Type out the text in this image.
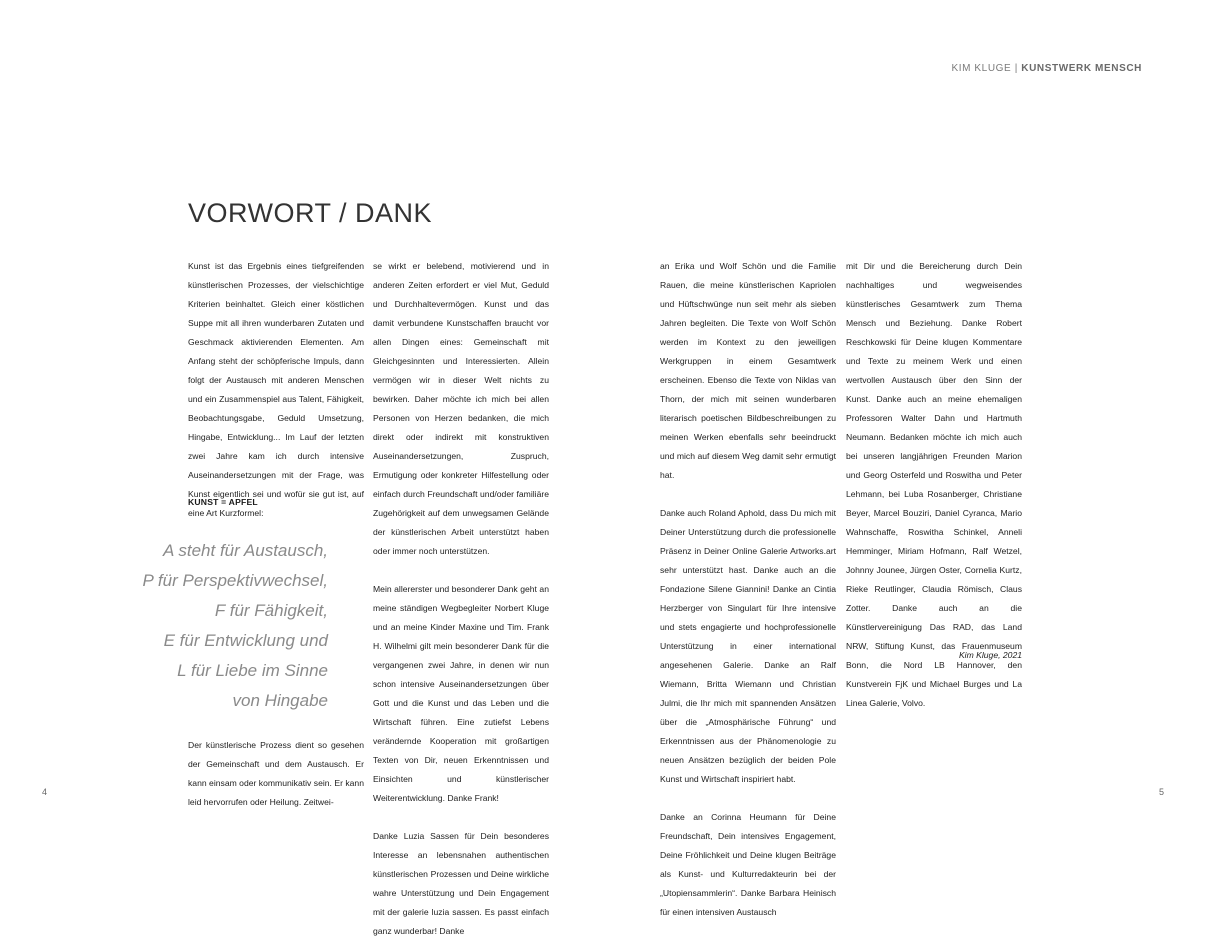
KIM KLUGE | KUNSTWERK MENSCH
VORWORT / DANK

Kunst ist das Ergebnis eines tiefgreifenden künstlerischen Prozesses, der vielschichtige Kriterien beinhaltet. Gleich einer köstlichen Suppe mit all ihren wunderbaren Zutaten und Geschmack aktivierenden Elementen. Am Anfang steht der schöpferische Impuls, dann folgt der Austausch mit anderen Menschen und ein Zusammenspiel aus Talent, Fähigkeit, Beobachtungsgabe, Geduld Umsetzung, Hingabe, Entwicklung... Im Lauf der letzten zwei Jahre kam ich durch intensive Auseinandersetzungen mit der Frage, was Kunst eigentlich sei und wofür sie gut ist, auf eine Art Kurzformel:

KUNST = APFEL
A steht für Austausch,
P für Perspektivwechsel,
F für Fähigkeit,
E für Entwicklung und
L für Liebe im Sinne
von Hingabe

Der künstlerische Prozess dient so gesehen der Gemeinschaft und dem Austausch. Er kann einsam oder kommunikativ sein. Er kann leid hervorrufen oder Heilung. Zeitwei-

se wirkt er belebend, motivierend und in anderen Zeiten erfordert er viel Mut, Geduld und Durchhaltevermögen. Kunst und das damit verbundene Kunstschaffen braucht vor allen Dingen eines: Gemeinschaft mit Gleichgesinnten und Interessierten. Allein vermögen wir in dieser Welt nichts zu bewirken. Daher möchte ich mich bei allen Personen von Herzen bedanken, die mich direkt oder indirekt mit konstruktiven Auseinandersetzungen, Zuspruch, Ermutigung oder konkreter Hilfestellung oder einfach durch Freundschaft und/oder familiäre Zugehörigkeit auf dem unwegsamen Gelände der künstlerischen Arbeit unterstützt haben oder immer noch unterstützen.

Mein allererster und besonderer Dank geht an meine ständigen Wegbegleiter Norbert Kluge und an meine Kinder Maxine und Tim. Frank H. Wilhelmi gilt mein besonderer Dank für die vergangenen zwei Jahre, in denen wir nun schon intensive Auseinandersetzungen über Gott und die Kunst und das Leben und die Wirtschaft führen. Eine zutiefst Lebens verändernde Kooperation mit großartigen Texten von Dir, neuen Erkenntnissen und Einsichten und künstlerischer Weiterentwicklung. Danke Frank!

Danke Luzia Sassen für Dein besonderes Interesse an lebensnahen authentischen künstlerischen Prozessen und Deine wirkliche wahre Unterstützung und Dein Engagement mit der galerie luzia sassen. Es passt einfach ganz wunderbar! Danke

an Erika und Wolf Schön und die Familie Rauen, die meine künstlerischen Kapriolen und Hüftschwünge nun seit mehr als sieben Jahren begleiten. Die Texte von Wolf Schön werden im Kontext zu den jeweiligen Werkgruppen in einem Gesamtwerk erscheinen. Ebenso die Texte von Niklas van Thorn, der mich mit seinen wunderbaren literarisch poetischen Bildbeschreibungen zu meinen Werken ebenfalls sehr beeindruckt und mich auf diesem Weg damit sehr ermutigt hat.

Danke auch Roland Aphold, dass Du mich mit Deiner Unterstützung durch die professionelle Präsenz in Deiner Online Galerie Artworks.art sehr unterstützt hast. Danke auch an die Fondazione Silene Giannini! Danke an Cintia Herzberger von Singulart für Ihre intensive und stets engagierte und hochprofessionelle Unterstützung in einer international angesehenen Galerie. Danke an Ralf Wiemann, Britta Wiemann und Christian Julmi, die Ihr mich mit spannenden Ansätzen über die „Atmosphärische Führung“ und Erkenntnissen aus der Phänomenologie zu neuen Ansätzen bezüglich der beiden Pole Kunst und Wirtschaft inspiriert habt.

Danke an Corinna Heumann für Deine Freundschaft, Dein intensives Engagement, Deine Fröhlichkeit und Deine klugen Beiträge als Kunst- und Kulturredakteurin bei der „Utopiensammlerin“. Danke Barbara Heinisch für einen intensiven Austausch

mit Dir und die Bereicherung durch Dein nachhaltiges und wegweisendes künstlerisches Gesamtwerk zum Thema Mensch und Beziehung. Danke Robert Reschkowski für Deine klugen Kommentare und Texte zu meinem Werk und einen wertvollen Austausch über den Sinn der Kunst. Danke auch an meine ehemaligen Professoren Walter Dahn und Hartmuth Neumann. Bedanken möchte ich mich auch bei unseren langjährigen Freunden Marion und Georg Osterfeld und Roswitha und Peter Lehmann, bei Luba Rosanberger, Christiane Beyer, Marcel Bouziri, Daniel Cyranca, Mario Wahnschaffe, Roswitha Schinkel, Anneli Hemminger, Miriam Hofmann, Ralf Wetzel, Johnny Jounee, Jürgen Oster, Cornelia Kurtz, Rieke Reutlinger, Claudia Römisch, Claus Zotter. Danke auch an die Künstlervereinigung Das RAD, das Land NRW, Stiftung Kunst, das Frauenmuseum Bonn, die Nord LB Hannover, den Kunstverein FjK und Michael Burges und La Linea Galerie, Volvo.

Kim Kluge, 2021
4	5
